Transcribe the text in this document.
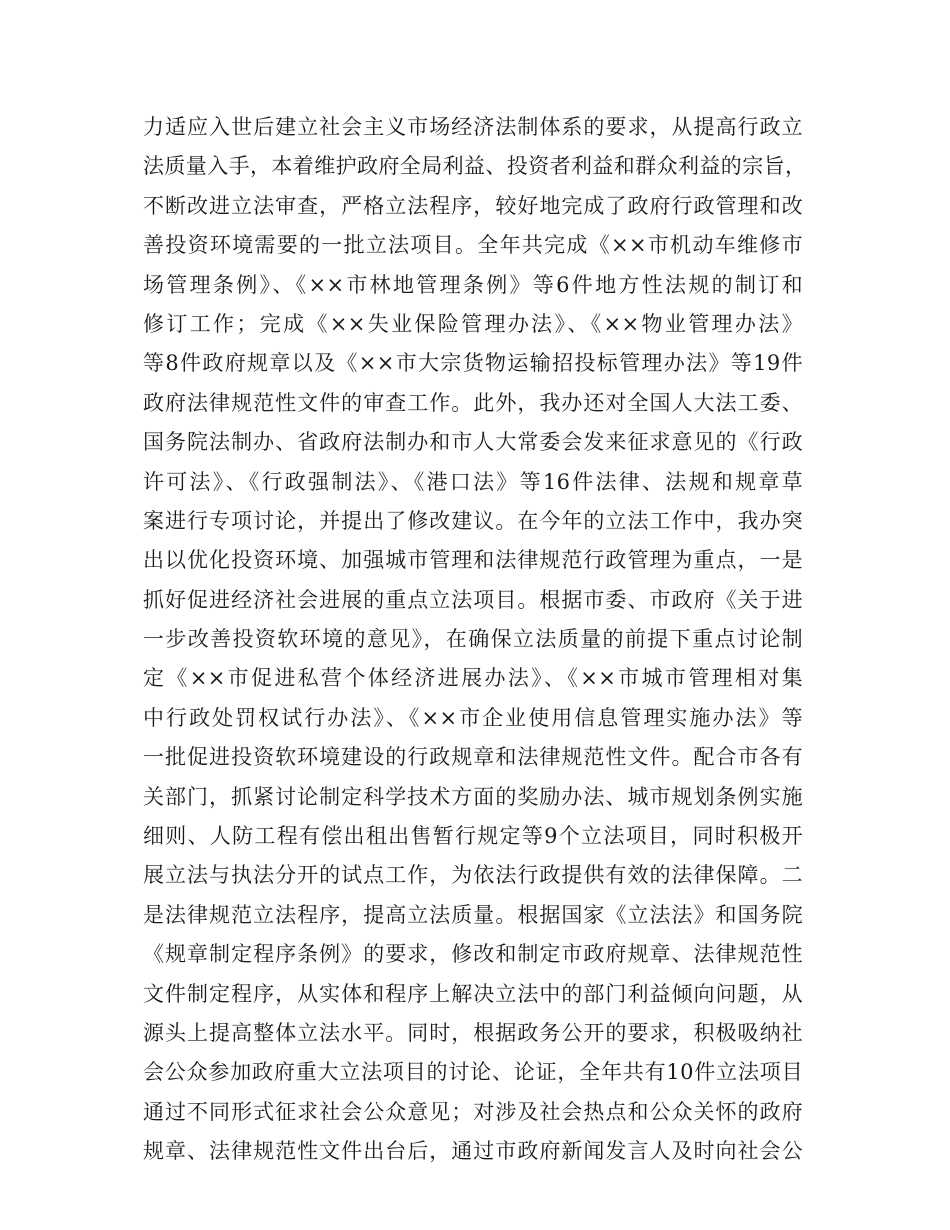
力适应入世后建立社会主义市场经济法制体系的要求，从提高行政立
法质量入手，本着维护政府全局利益、投资者利益和群众利益的宗旨，
不断改进立法审查，严格立法程序，较好地完成了政府行政管理和改
善投资环境需要的一批立法项目。全年共完成《××市机动车维修市
场管理条例》、《××市林地管理条例》等6件地方性法规的制订和
修订工作；完成《××失业保险管理办法》、《××物业管理办法》
等8件政府规章以及《××市大宗货物运输招投标管理办法》等19件
政府法律规范性文件的审查工作。此外，我办还对全国人大法工委、
国务院法制办、省政府法制办和市人大常委会发来征求意见的《行政
许可法》、《行政强制法》、《港口法》等16件法律、法规和规章草
案进行专项讨论，并提出了修改建议。在今年的立法工作中，我办突
出以优化投资环境、加强城市管理和法律规范行政管理为重点，一是
抓好促进经济社会进展的重点立法项目。根据市委、市政府《关于进
一步改善投资软环境的意见》，在确保立法质量的前提下重点讨论制
定《××市促进私营个体经济进展办法》、《××市城市管理相对集
中行政处罚权试行办法》、《××市企业使用信息管理实施办法》等
一批促进投资软环境建设的行政规章和法律规范性文件。配合市各有
关部门，抓紧讨论制定科学技术方面的奖励办法、城市规划条例实施
细则、人防工程有偿出租出售暂行规定等9个立法项目，同时积极开
展立法与执法分开的试点工作，为依法行政提供有效的法律保障。二
是法律规范立法程序，提高立法质量。根据国家《立法法》和国务院
《规章制定程序条例》的要求，修改和制定市政府规章、法律规范性
文件制定程序，从实体和程序上解决立法中的部门利益倾向问题，从
源头上提高整体立法水平。同时，根据政务公开的要求，积极吸纳社
会公众参加政府重大立法项目的讨论、论证，全年共有10件立法项目
通过不同形式征求社会公众意见；对涉及社会热点和公众关怀的政府
规章、法律规范性文件出台后，通过市政府新闻发言人及时向社会公
